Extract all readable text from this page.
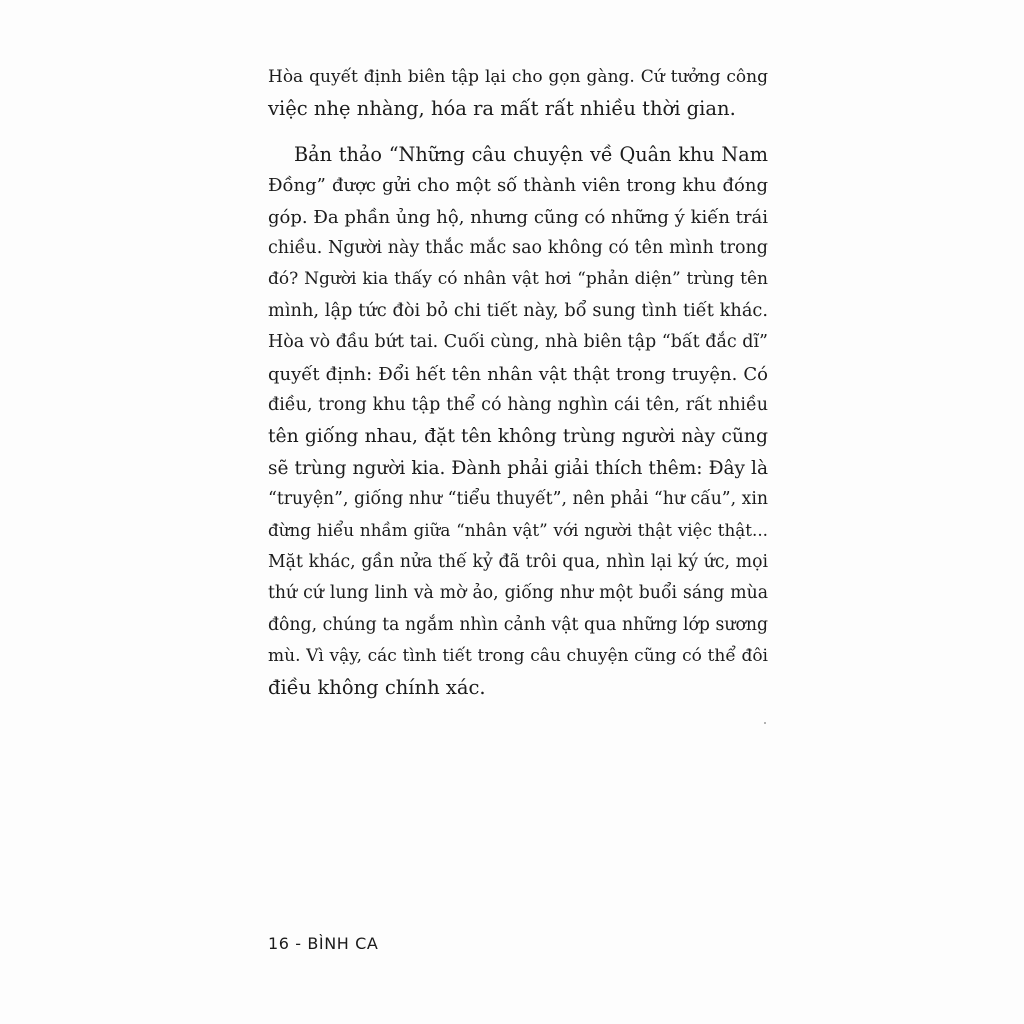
Hòa quyết định biên tập lại cho gọn gàng. Cứ tưởng công
việc nhẹ nhàng, hóa ra mất rất nhiều thời gian.
Bản thảo “Những câu chuyện về Quân khu Nam
Đồng” được gửi cho một số thành viên trong khu đóng
góp. Đa phần ủng hộ, nhưng cũng có những ý kiến trái
chiều. Người này thắc mắc sao không có tên mình trong
đó? Người kia thấy có nhân vật hơi “phản diện” trùng tên
mình, lập tức đòi bỏ chi tiết này, bổ sung tình tiết khác.
Hòa vò đầu bứt tai. Cuối cùng, nhà biên tập “bất đắc dĩ”
quyết định: Đổi hết tên nhân vật thật trong truyện. Có
điều, trong khu tập thể có hàng nghìn cái tên, rất nhiều
tên giống nhau, đặt tên không trùng người này cũng
sẽ trùng người kia. Đành phải giải thích thêm: Đây là
“truyện”, giống như “tiểu thuyết”, nên phải “hư cấu”, xin
đừng hiểu nhầm giữa “nhân vật” với người thật việc thật...
Mặt khác, gần nửa thế kỷ đã trôi qua, nhìn lại ký ức, mọi
thứ cứ lung linh và mờ ảo, giống như một buổi sáng mùa
đông, chúng ta ngắm nhìn cảnh vật qua những lớp sương
mù. Vì vậy, các tình tiết trong câu chuyện cũng có thể đôi
điều không chính xác.
16 - BÌNH CA
